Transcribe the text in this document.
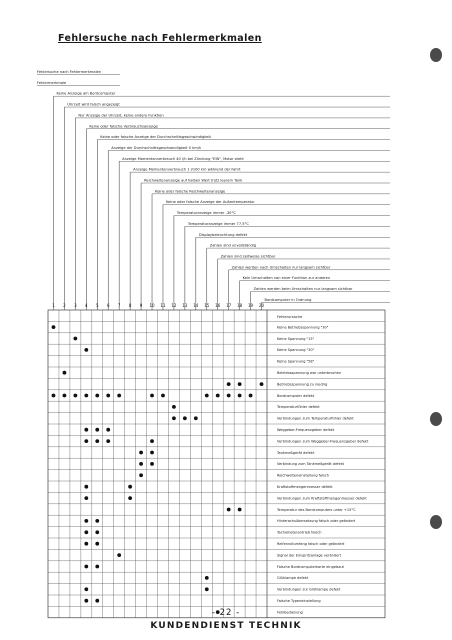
Fehlersuche nach Fehlermerkmalen
Fehlersuche nach Fehlermerkmalen
Fehlermerkmale
Keine Anzeige am Bordcomputer
Uhrzeit wird falsch angezeigt
Nur Anzeige der Uhrzeit, keine andere Funktion
Keine oder falsche Verbrauchsanzeige
Keine oder falsche Anzeige der Durchschnittsgeschwindigkeit
Anzeige der Durchschnittsgeschwindigkeit 0 km/h
Anzeige Momentanverbrauch 40 l/h bei Zündung "EIN", Motor steht
Anzeige Momentanverbrauch 1 l/100 km während der Fahrt
Reichweitenanzeige auf halben Wert trotz leerem Tank
Keine oder falsche Reichweitenanzeige
Keine oder falsche Anzeige der Außentemperatur
Temperaturanzeige immer -30°C
Temperaturanzeige immer 77,5°C
Displaybeleuchtung defekt
Zahlen sind unvollständig
Zahlen sind zeitweise sichtbar
Zahlen werden nach Umschalten nur langsam sichtbar
Kein Umschalten von einer Funktion zur anderen
Zahlen werden beim Umschalten nur langsam sichtbar
Bordcomputer in Ordnung
1 2 3 4 5 6 7 8 9 10 11 12 13 14 15 16 17 18 19 20
Fehlerursache
Keine Betriebsspannung "30"
Keine Spannung "15"
Keine Spannung "30"
Keine Spannung "58"
Betriebsspannung war unterbrochen
Betriebsspannung zu niedrig
Bordcomputer defekt
Temperaturfühler defekt
Verbindungen zum Temperaturfühler defekt
Weggeber-Frequenzgeber defekt
Verbindungen zum Weggeber-Frequenzgeber defekt
Tankmeßgerät defekt
Verbindung zum Tankmeßgerät defekt
Reichweiteneinstellung falsch
Kraftstoffmengenmesser defekt
Verbindungen zum Kraftstoffmengenmesser defekt
Temperatur des Bordcomputers unter +15°C
Hinterachsübersetzung falsch oder geändert
Tachometerantrieb falsch
Reifenrollumfang falsch oder geändert
Signal der Einspritzanlage verändert
Falsche Bordcomputerkarte eingebaut
Glühlampe defekt
Verbindungen zur Glühlampe defekt
Falsche Typeneinstellung
Fehlbedienung
- 22 -
KUNDENDIENST TECHNIK
